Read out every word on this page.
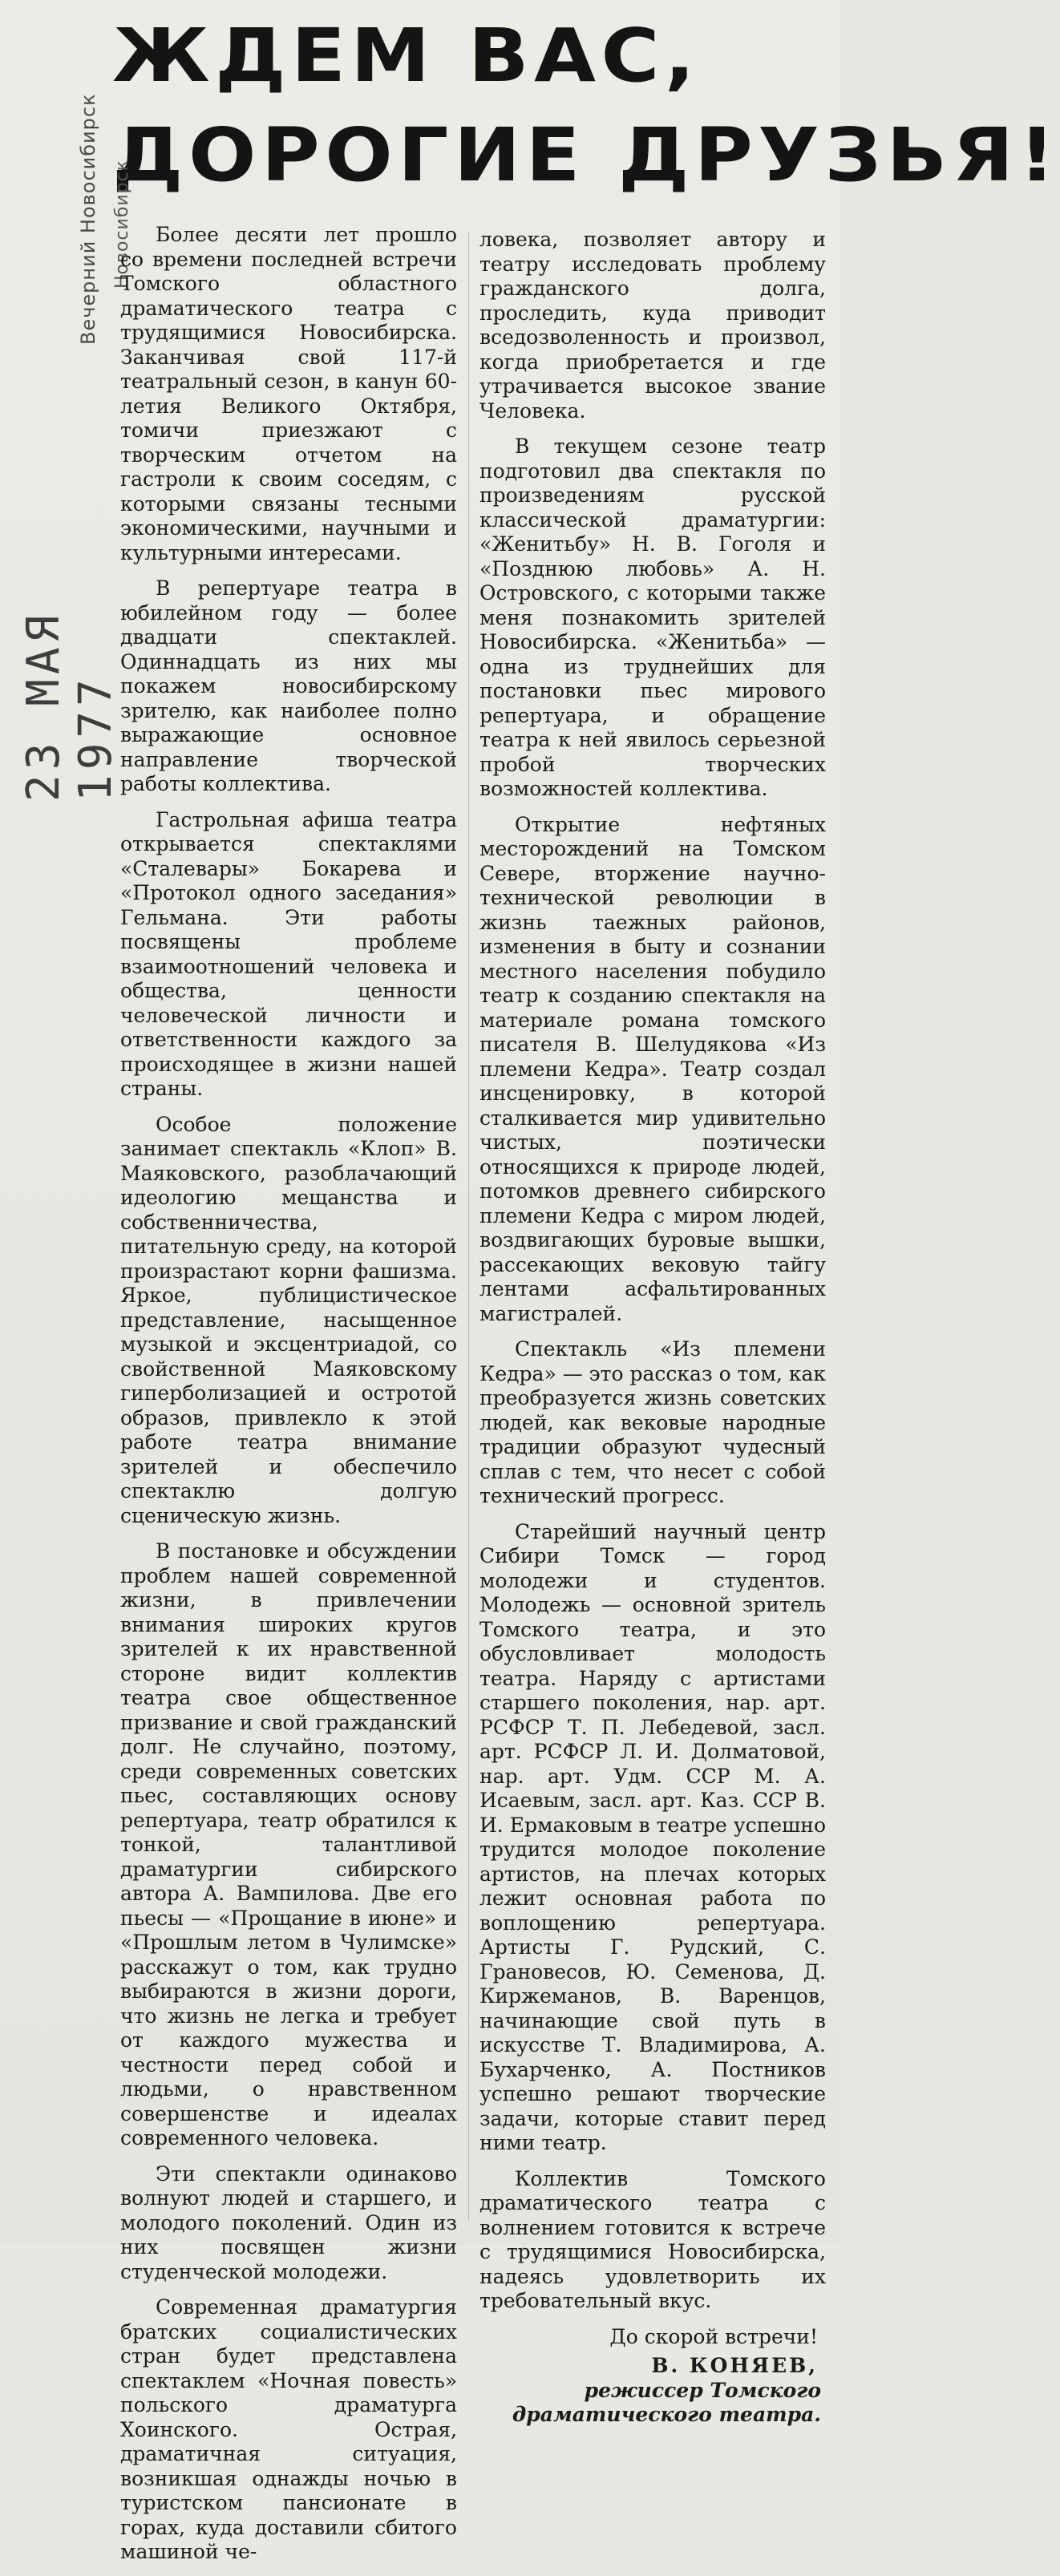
ЖДЕМ ВАС,
ДОРОГИЕ ДРУЗЬЯ!
Вечерний Новосибирск Новосибирск
23 МАЯ 1977

Более десяти лет прошло со времени последней встречи Томского областного драматического театра с трудящимися Новосибирска. Заканчивая свой 117-й театральный сезон, в канун 60-летия Великого Октября, томичи приезжают с творческим отчетом на гастроли к своим соседям, с которыми связаны тесными экономическими, научными и культурными интересами.

В репертуаре театра в юбилейном году — более двадцати спектаклей. Одиннадцать из них мы покажем новосибирскому зрителю, как наиболее полно выражающие основное направление творческой работы коллектива.

Гастрольная афиша театра открывается спектаклями «Сталевары» Бокарева и «Протокол одного заседания» Гельмана. Эти работы посвящены проблеме взаимоотношений человека и общества, ценности человеческой личности и ответственности каждого за происходящее в жизни нашей страны.

Особое положение занимает спектакль «Клоп» В. Маяковского, разоблачающий идеологию мещанства и собственничества, питательную среду, на которой произрастают корни фашизма. Яркое, публицистическое представление, насыщенное музыкой и эксцентриадой, со свойственной Маяковскому гиперболизацией и остротой образов, привлекло к этой работе театра внимание зрителей и обеспечило спектаклю долгую сценическую жизнь.

В постановке и обсуждении проблем нашей современной жизни, в привлечении внимания широких кругов зрителей к их нравственной стороне видит коллектив театра свое общественное призвание и свой гражданский долг. Не случайно, поэтому, среди современных советских пьес, составляющих основу репертуара, театр обратился к тонкой, талантливой драматургии сибирского автора А. Вампилова. Две его пьесы — «Прощание в июне» и «Прошлым летом в Чулимске» расскажут о том, как трудно выбираются в жизни дороги, что жизнь не легка и требует от каждого мужества и честности перед собой и людьми, о нравственном совершенстве и идеалах современного человека.

Эти спектакли одинаково волнуют людей и старшего, и молодого поколений. Один из них посвящен жизни студенческой молодежи.

Современная драматургия братских социалистических стран будет представлена спектаклем «Ночная повесть» польского драматурга Хоинского. Острая, драматичная ситуация, возникшая однажды ночью в туристском пансионате в горах, куда доставили сбитого машиной че-

ловека, позволяет автору и театру исследовать проблему гражданского долга, проследить, куда приводит вседозволенность и произвол, когда приобретается и где утрачивается высокое звание Человека.

В текущем сезоне театр подготовил два спектакля по произведениям русской классической драматургии: «Женитьбу» Н. В. Гоголя и «Позднюю любовь» А. Н. Островского, с которыми также меня познакомить зрителей Новосибирска. «Женитьба» — одна из труднейших для постановки пьес мирового репертуара, и обращение театра к ней явилось серьезной пробой творческих возможностей коллектива.

Открытие нефтяных месторождений на Томском Севере, вторжение научно-технической революции в жизнь таежных районов, изменения в быту и сознании местного населения побудило театр к созданию спектакля на материале романа томского писателя В. Шелудякова «Из племени Кедра». Театр создал инсценировку, в которой сталкивается мир удивительно чистых, поэтически относящихся к природе людей, потомков древнего сибирского племени Кедра с миром людей, воздвигающих буровые вышки, рассекающих вековую тайгу лентами асфальтированных магистралей.

Спектакль «Из племени Кедра» — это рассказ о том, как преобразуется жизнь советских людей, как вековые народные традиции образуют чудесный сплав с тем, что несет с собой технический прогресс.

Старейший научный центр Сибири Томск — город молодежи и студентов. Молодежь — основной зритель Томского театра, и это обусловливает молодость театра. Наряду с артистами старшего поколения, нар. арт. РСФСР Т. П. Лебедевой, засл. арт. РСФСР Л. И. Долматовой, нар. арт. Удм. ССР М. А. Исаевым, засл. арт. Каз. ССР В. И. Ермаковым в театре успешно трудится молодое поколение артистов, на плечах которых лежит основная работа по воплощению репертуара. Артисты Г. Рудский, С. Грановесов, Ю. Семенова, Д. Киржеманов, В. Варенцов, начинающие свой путь в искусстве Т. Владимирова, А. Бухарченко, А. Постников успешно решают творческие задачи, которые ставит перед ними театр.

Коллектив Томского драматического театра с волнением готовится к встрече с трудящимися Новосибирска, надеясь удовлетворить их требовательный вкус.

До скорой встречи!
В. КОНЯЕВ,
режиссер Томского драматического театра.
